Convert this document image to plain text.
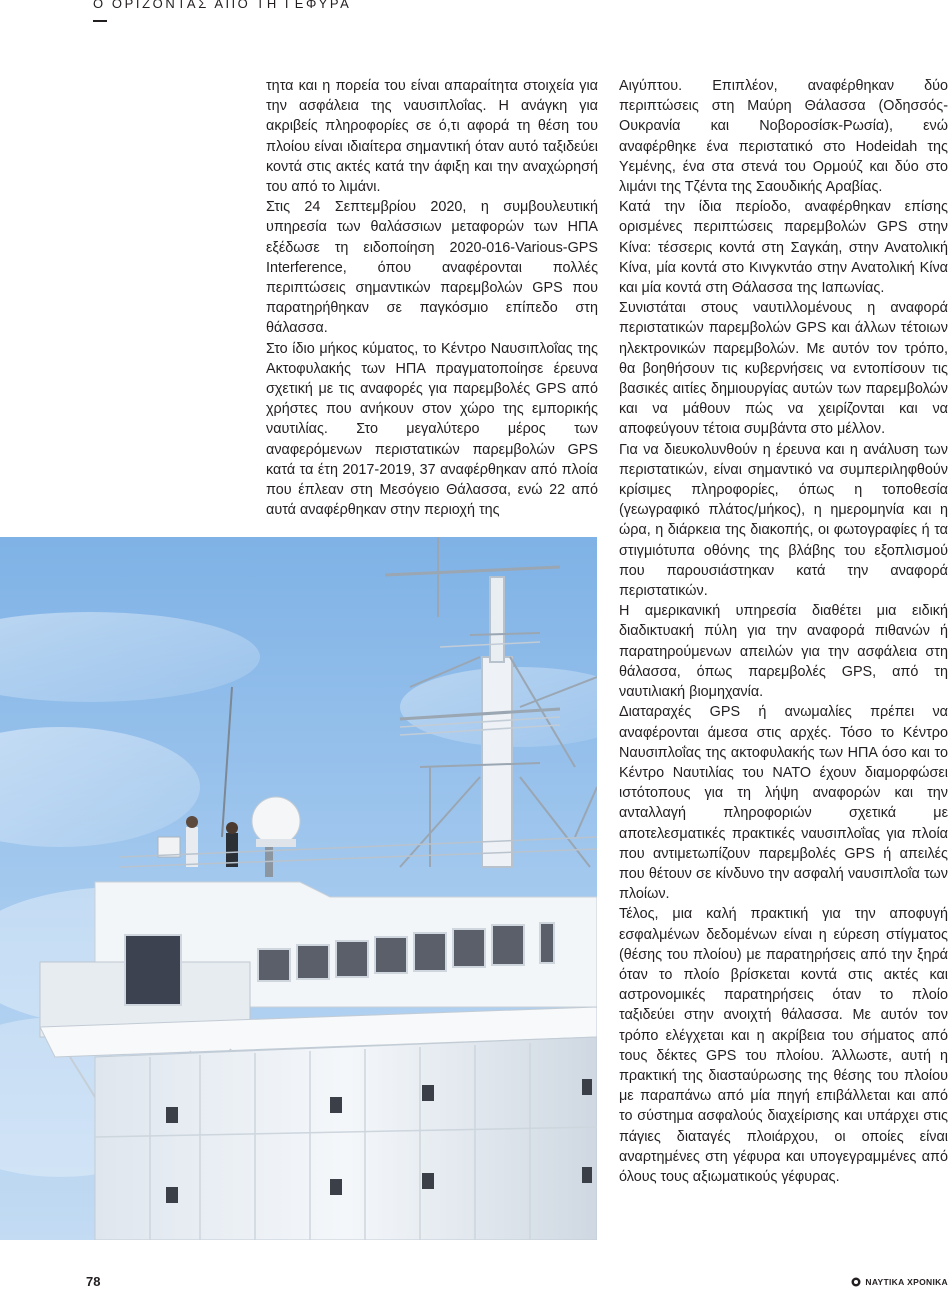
Ο ΟΡΙΖΟΝΤΑΣ ΑΠΟ ΤΗ ΓΕΦΥΡΑ

τητα και η πορεία του είναι απαραίτητα στοιχεία για την ασφάλεια της ναυσιπλοΐας. Η ανάγκη για ακριβείς πληροφορίες σε ό,τι αφορά τη θέση του πλοίου είναι ιδιαίτερα σημαντική όταν αυτό ταξιδεύει κοντά στις ακτές κατά την άφιξη και την αναχώρησή του από το λιμάνι.

Στις 24 Σεπτεμβρίου 2020, η συμβουλευτική υπηρεσία των θαλάσσιων μεταφορών των ΗΠΑ εξέδωσε τη ειδοποίηση 2020-016-Various-GPS Interference, όπου αναφέρονται πολλές περιπτώσεις σημαντικών παρεμβολών GPS που παρατηρήθηκαν σε παγκόσμιο επίπεδο στη θάλασσα.

Στο ίδιο μήκος κύματος, το Κέντρο Ναυσιπλοΐας της Ακτοφυλακής των ΗΠΑ πραγματοποίησε έρευνα σχετική με τις αναφορές για παρεμβολές GPS από χρήστες που ανήκουν στον χώρο της εμπορικής ναυτιλίας. Στο μεγαλύτερο μέρος των αναφερόμενων περιστατικών παρεμβολών GPS κατά τα έτη 2017-2019, 37 αναφέρθηκαν από πλοία που έπλεαν στη Μεσόγειο Θάλασσα, ενώ 22 από αυτά αναφέρθηκαν στην περιοχή της

Αιγύπτου. Επιπλέον, αναφέρθηκαν δύο περιπτώσεις στη Μαύρη Θάλασσα (Οδησσός-Ουκρανία και Νοβοροσίσκ-Ρωσία), ενώ αναφέρθηκε ένα περιστατικό στο Hodeidah της Υεμένης, ένα στα στενά του Ορμούζ και δύο στο λιμάνι της Τζέντα της Σαουδικής Αραβίας.

Κατά την ίδια περίοδο, αναφέρθηκαν επίσης ορισμένες περιπτώσεις παρεμβολών GPS στην Κίνα: τέσσερις κοντά στη Σαγκάη, στην Ανατολική Κίνα, μία κοντά στο Κινγκντάο στην Ανατολική Κίνα και μία κοντά στη Θάλασσα της Ιαπωνίας.

Συνιστάται στους ναυτιλλομένους η αναφορά περιστατικών παρεμβολών GPS και άλλων τέτοιων ηλεκτρονικών παρεμβολών. Με αυτόν τον τρόπο, θα βοηθήσουν τις κυβερνήσεις να εντοπίσουν τις βασικές αιτίες δημιουργίας αυτών των παρεμβολών και να μάθουν πώς να χειρίζονται και να αποφεύγουν τέτοια συμβάντα στο μέλλον.

Για να διευκολυνθούν η έρευνα και η ανάλυση των περιστατικών, είναι σημαντικό να συμπεριληφθούν κρίσιμες πληροφορίες, όπως η τοποθεσία (γεωγραφικό πλάτος/μήκος), η ημερομηνία και η ώρα, η διάρκεια της διακοπής, οι φωτογραφίες ή τα στιγμιότυπα οθόνης της βλάβης του εξοπλισμού που παρουσιάστηκαν κατά την αναφορά περιστατικών.

Η αμερικανική υπηρεσία διαθέτει μια ειδική διαδικτυακή πύλη για την αναφορά πιθανών ή παρατηρούμενων απειλών για την ασφάλεια στη θάλασσα, όπως παρεμβολές GPS, από τη ναυτιλιακή βιομηχανία.

Διαταραχές GPS ή ανωμαλίες πρέπει να αναφέρονται άμεσα στις αρχές. Τόσο το Κέντρο Ναυσιπλοΐας της ακτοφυλακής των ΗΠΑ όσο και το Κέντρο Ναυτιλίας του ΝΑΤΟ έχουν διαμορφώσει ιστότοπους για τη λήψη αναφορών και την ανταλλαγή πληροφοριών σχετικά με αποτελεσματικές πρακτικές ναυσιπλοΐας για πλοία που αντιμετωπίζουν παρεμβολές GPS ή απειλές που θέτουν σε κίνδυνο την ασφαλή ναυσιπλοΐα των πλοίων.

Τέλος, μια καλή πρακτική για την αποφυγή εσφαλμένων δεδομένων είναι η εύρεση στίγματος (θέσης του πλοίου) με παρατηρήσεις από την ξηρά όταν το πλοίο βρίσκεται κοντά στις ακτές και αστρονομικές παρατηρήσεις όταν το πλοίο ταξιδεύει στην ανοιχτή θάλασσα. Με αυτόν τον τρόπο ελέγχεται και η ακρίβεια του σήματος από τους δέκτες GPS του πλοίου. Άλλωστε, αυτή η πρακτική της διασταύρωσης της θέσης του πλοίου με παραπάνω από μία πηγή επιβάλλεται και από το σύστημα ασφαλούς διαχείρισης και υπάρχει στις πάγιες διαταγές πλοιάρχου, οι οποίες είναι αναρτημένες στη γέφυρα και υπογεγραμμένες από όλους τους αξιωματικούς γέφυρας.

78	ΝΑΥΤΙΚΑ ΧΡΟΝΙΚΑ
